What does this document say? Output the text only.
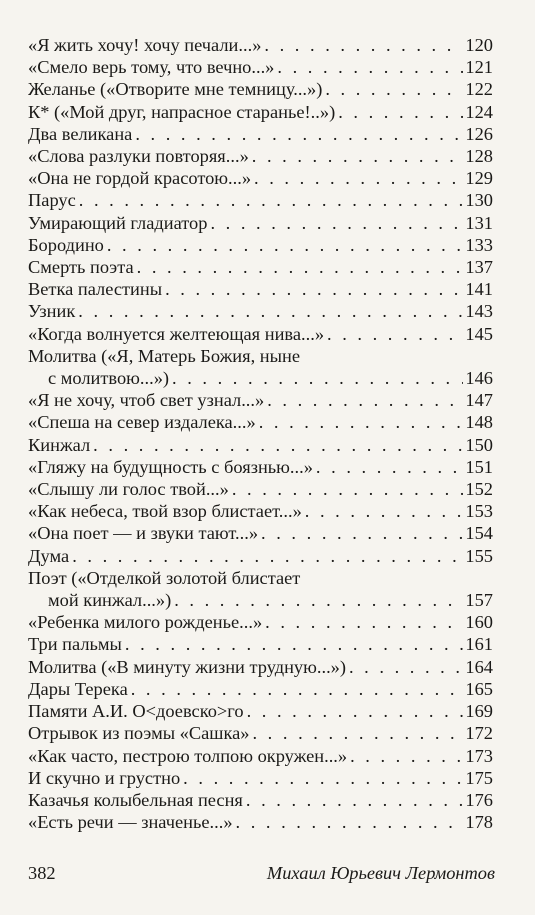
«Я жить хочу! хочу печали...» . . .	120
«Смело верь тому, что вечно...» . . .	121
Желанье («Отворите мне темницу...») . . .	122
К* («Мой друг, напрасное старанье!..») . . .	124
Два великана . . .	126
«Слова разлуки повторяя...» . . .	128
«Она не гордой красотою...» . . .	129
Парус . . .	130
Умирающий гладиатор . . .	131
Бородино . . .	133
Смерть поэта . . .	137
Ветка палестины . . .	141
Узник . . .	143
«Когда волнуется желтеющая нива...» . . .	145
Молитва («Я, Матерь Божия, ныне
с молитвою...») . . .	146
«Я не хочу, чтоб свет узнал...» . . .	147
«Спеша на север издалека...» . . .	148
Кинжал . . .	150
«Гляжу на будущность с боязнью...» . . .	151
«Слышу ли голос твой...» . . .	152
«Как небеса, твой взор блистает...» . . .	153
«Она поет — и звуки тают...» . . .	154
Дума . . .	155
Поэт («Отделкой золотой блистает
мой кинжал...») . . .	157
«Ребенка милого рожденье...» . . .	160
Три пальмы . . .	161
Молитва («В минуту жизни трудную...») . . .	164
Дары Терека . . .	165
Памяти А.И. О<доевско>го . . .	169
Отрывок из поэмы «Сашка» . . .	172
«Как часто, пестрою толпою окружен...» . . .	173
И скучно и грустно . . .	175
Казачья колыбельная песня . . .	176
«Есть речи — значенье...» . . .	178
382	Михаил Юрьевич Лермонтов
